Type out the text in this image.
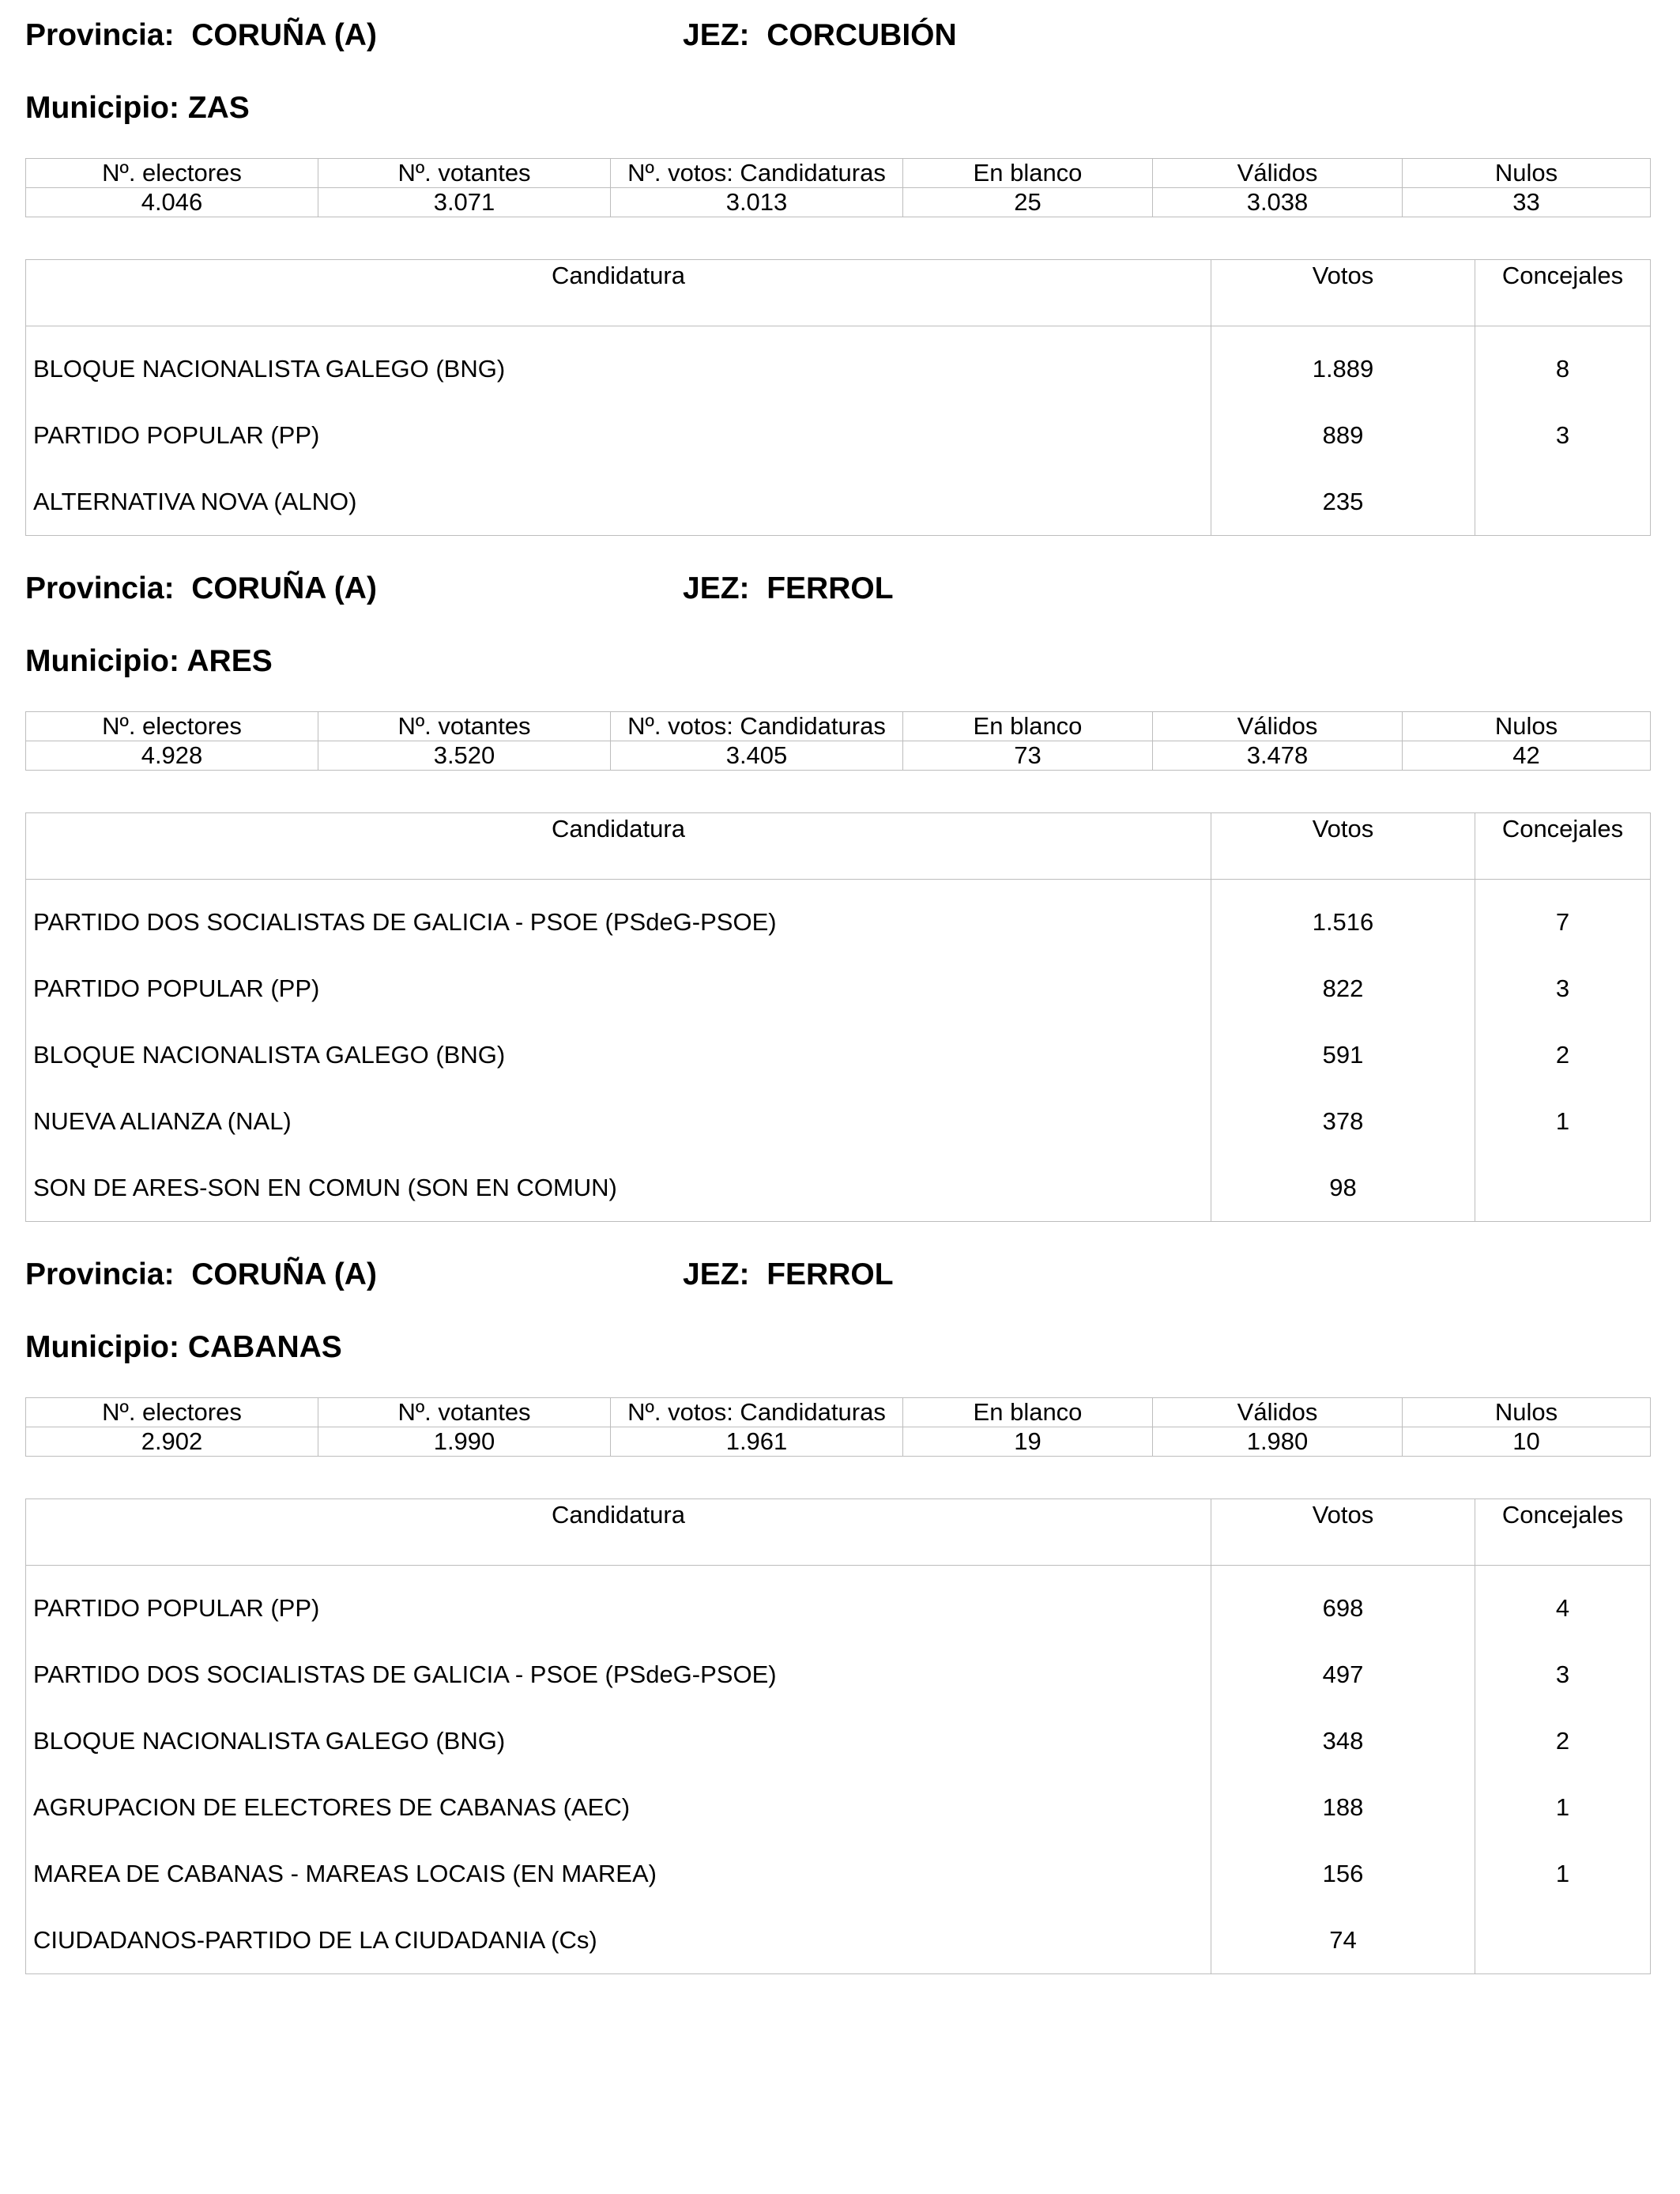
Provincia: CORUÑA (A)	JEZ: CORCUBIÓN
Municipio: ZAS
Nº. electores	Nº. votantes	Nº. votos: Candidaturas	En blanco	Válidos	Nulos
4.046	3.071	3.013	25	3.038	33
Candidatura	Votos	Concejales
BLOQUE NACIONALISTA GALEGO (BNG)	1.889	8
PARTIDO POPULAR (PP)	889	3
ALTERNATIVA NOVA (ALNO)	235	
Provincia: CORUÑA (A)	JEZ: FERROL
Municipio: ARES
Nº. electores	Nº. votantes	Nº. votos: Candidaturas	En blanco	Válidos	Nulos
4.928	3.520	3.405	73	3.478	42
Candidatura	Votos	Concejales
PARTIDO DOS SOCIALISTAS DE GALICIA - PSOE (PSdeG-PSOE)	1.516	7
PARTIDO POPULAR (PP)	822	3
BLOQUE NACIONALISTA GALEGO (BNG)	591	2
NUEVA ALIANZA (NAL)	378	1
SON DE ARES-SON EN COMUN (SON EN COMUN)	98	
Provincia: CORUÑA (A)	JEZ: FERROL
Municipio: CABANAS
Nº. electores	Nº. votantes	Nº. votos: Candidaturas	En blanco	Válidos	Nulos
2.902	1.990	1.961	19	1.980	10
Candidatura	Votos	Concejales
PARTIDO POPULAR (PP)	698	4
PARTIDO DOS SOCIALISTAS DE GALICIA - PSOE (PSdeG-PSOE)	497	3
BLOQUE NACIONALISTA GALEGO (BNG)	348	2
AGRUPACION DE ELECTORES DE CABANAS (AEC)	188	1
MAREA DE CABANAS - MAREAS LOCAIS (EN MAREA)	156	1
CIUDADANOS-PARTIDO DE LA CIUDADANIA (Cs)	74	
